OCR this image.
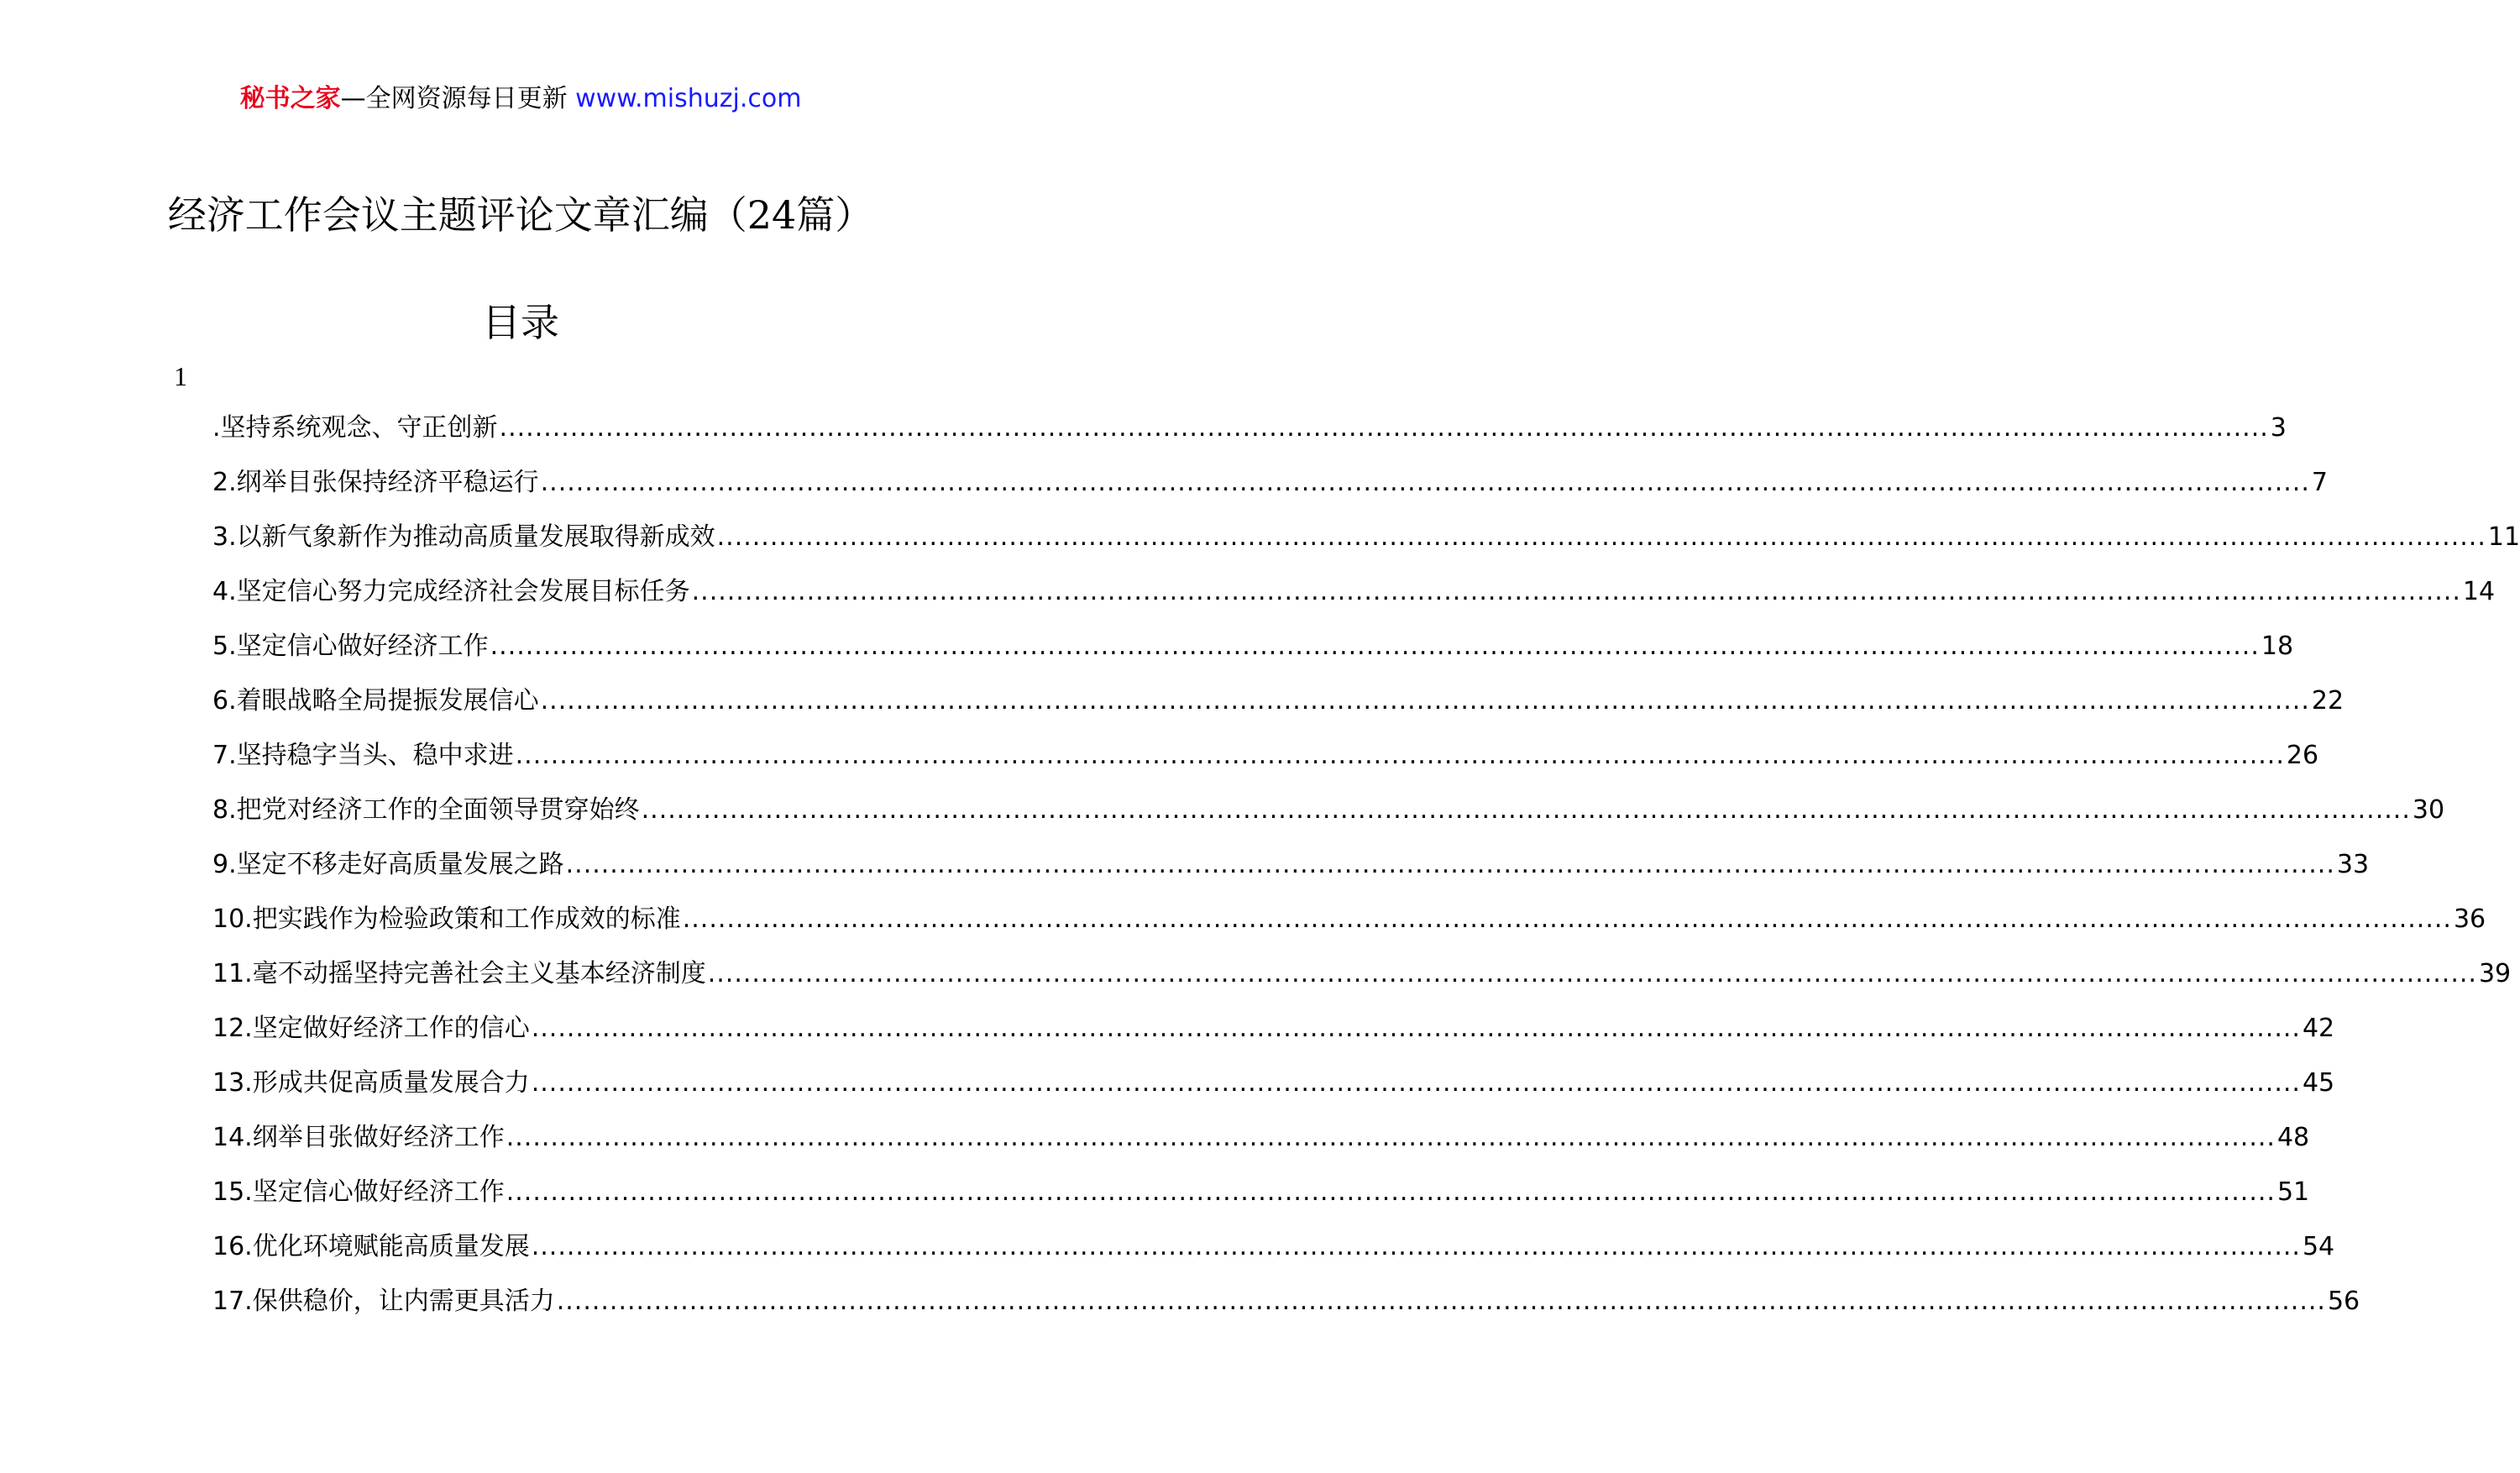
秘书之家—全网资源每日更新 www.mishuzj.com
经济工作会议主题评论文章汇编（24篇）
目录
1
.坚持系统观念、守正创新 ........................................................................................................................................................................................................ 3
2.纲举目张保持经济平稳运行 ........................................................................................................................................................................................................ 7
3.以新气象新作为推动高质量发展取得新成效 ........................................................................................................................................................................................................ 11
4.坚定信心努力完成经济社会发展目标任务 ........................................................................................................................................................................................................ 14
5.坚定信心做好经济工作 ........................................................................................................................................................................................................ 18
6.着眼战略全局提振发展信心 ........................................................................................................................................................................................................ 22
7.坚持稳字当头、稳中求进 ........................................................................................................................................................................................................ 26
8.把党对经济工作的全面领导贯穿始终 ........................................................................................................................................................................................................ 30
9.坚定不移走好高质量发展之路 ........................................................................................................................................................................................................ 33
10.把实践作为检验政策和工作成效的标准 ........................................................................................................................................................................................................ 36
11.毫不动摇坚持完善社会主义基本经济制度 ........................................................................................................................................................................................................ 39
12.坚定做好经济工作的信心 ........................................................................................................................................................................................................ 42
13.形成共促高质量发展合力 ........................................................................................................................................................................................................ 45
14.纲举目张做好经济工作 ........................................................................................................................................................................................................ 48
15.坚定信心做好经济工作 ........................................................................................................................................................................................................ 51
16.优化环境赋能高质量发展 ........................................................................................................................................................................................................ 54
17.保供稳价，让内需更具活力 ........................................................................................................................................................................................................ 56
